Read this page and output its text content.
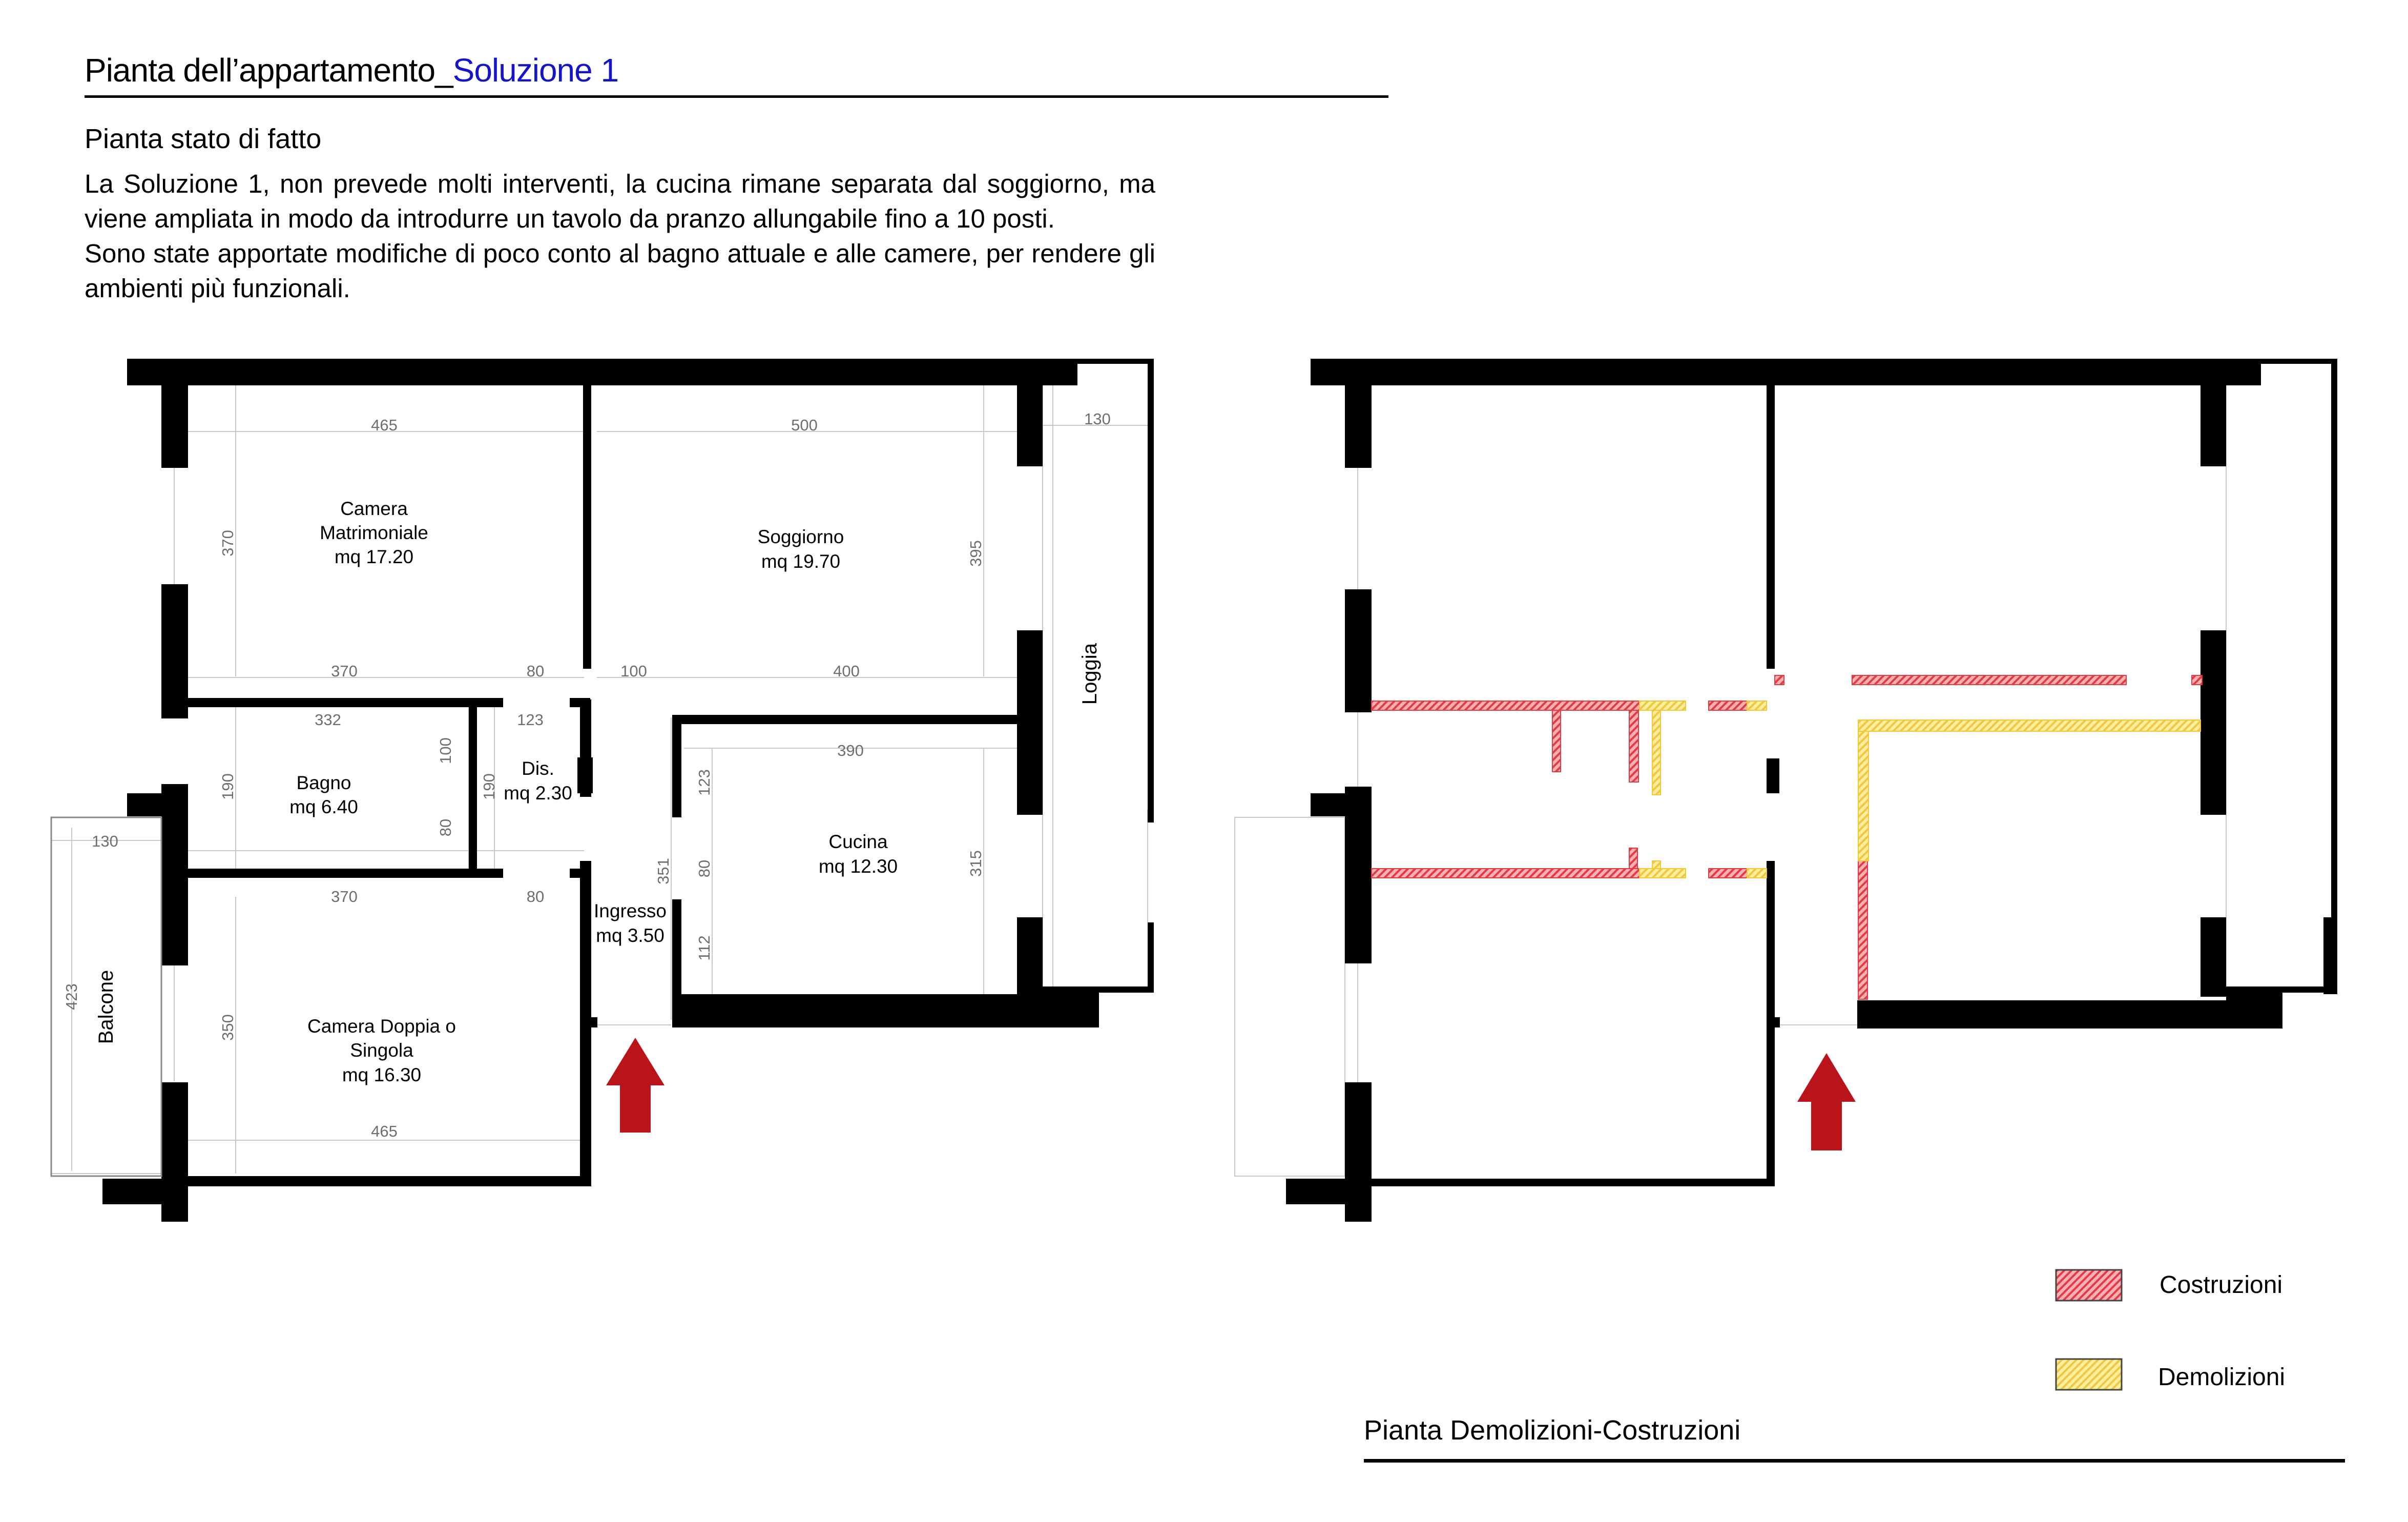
Pianta dell’appartamento_Soluzione 1
Pianta stato di fatto

La Soluzione 1, non prevede molti interventi, la cucina rimane separata dal soggiorno, ma viene ampliata in modo da introdurre un tavolo da pranzo allungabile fino a 10 posti.

Sono state apportate modifiche di poco conto al bagno attuale e alle camere, per rendere gli ambienti più funzionali.

465	500	130
370	395
370	80	100	400
332	123
100	390
190	190
80
123
130
351 80	315
370	80
112
423
350
465
Camera
Matrimoniale
mq 17.20
Soggiorno
mq 19.70
Bagno
mq 6.40
Dis.
mq 2.30
Cucina
mq 12.30
Ingresso
mq 3.50
Camera Doppia o
Singola
mq 16.30
Loggia
Balcone
Costruzioni
Demolizioni
Pianta Demolizioni-Costruzioni
